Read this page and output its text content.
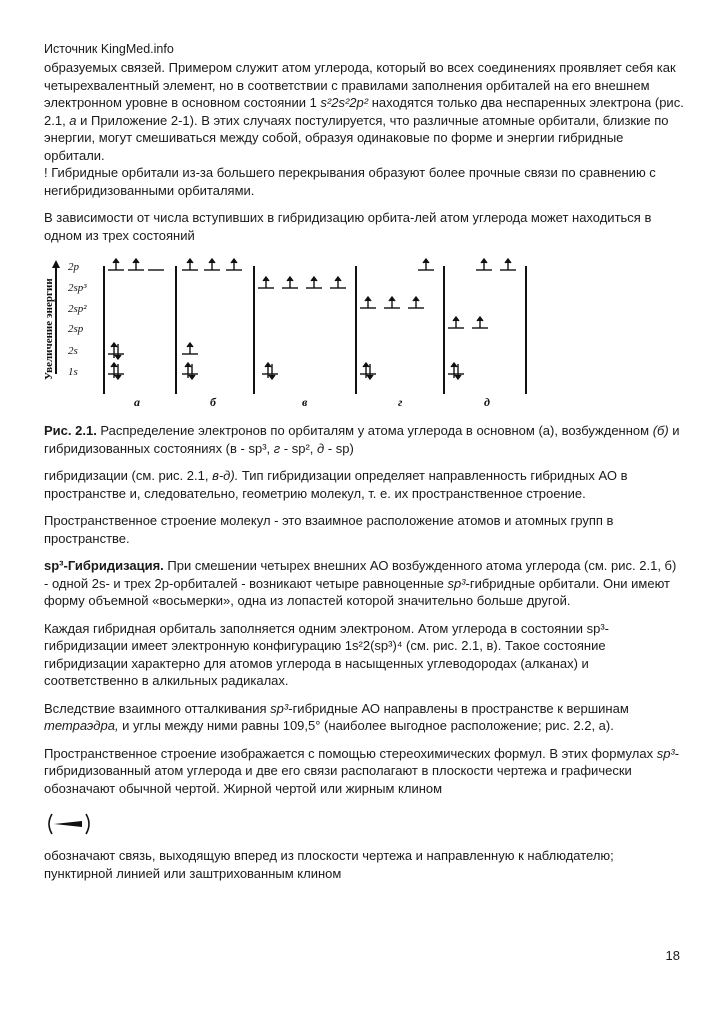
Источник KingMed.info

образуемых связей. Примером служит атом углерода, который во всех соединениях проявляет себя как четырехвалентный элемент, но в соответствии с правилами заполнения орбиталей на его внешнем электронном уровне в основном состоянии 1 s²2s²2p² находятся только два неспаренных электрона (рис. 2.1, а и Приложение 2-1). В этих случаях постулируется, что различные атомные орбитали, близкие по энергии, могут смешиваться между собой, образуя одинаковые по форме и энергии гибридные орбитали.

! Гибридные орбитали из-за большего перекрывания образуют более прочные связи по сравнению с негибридизованными орбиталями.

В зависимости от числа вступивших в гибридизацию орбита-лей атом углерода может находиться в одном из трех состояний

Увеличение энергии
2p
2sp³
2sp²
2sp
2s
1s
а	б	в	г	д

Рис. 2.1. Распределение электронов по орбиталям у атома углерода в основном (а), возбужденном (б) и гибридизованных состояниях (в - sp³, г - sp², д - sp)

гибридизации (см. рис. 2.1, в-д). Тип гибридизации определяет направленность гибридных АО в пространстве и, следовательно, геометрию молекул, т. е. их пространственное строение.

Пространственное строение молекул - это взаимное расположение атомов и атомных групп в пространстве.

sp³-Гибридизация. При смешении четырех внешних АО возбужденного атома углерода (см. рис. 2.1, б) - одной 2s- и трех 2p-орбиталей - возникают четыре равноценные sp³-гибридные орбитали. Они имеют форму объемной «восьмерки», одна из лопастей которой значительно больше другой.

Каждая гибридная орбиталь заполняется одним электроном. Атом углерода в состоянии sp³-гибридизации имеет электронную конфигурацию 1s²2(sp³)⁴ (см. рис. 2.1, в). Такое состояние гибридизации характерно для атомов углерода в насыщенных углеводородах (алканах) и соответственно в алкильных радикалах.

Вследствие взаимного отталкивания sp³-гибридные АО направлены в пространстве к вершинам тетраэдра, и углы между ними равны 109,5° (наиболее выгодное расположение; рис. 2.2, а).

Пространственное строение изображается с помощью стереохимических формул. В этих формулах sp³-гибридизованный атом углерода и две его связи располагают в плоскости чертежа и графически обозначают обычной чертой. Жирной чертой или жирным клином

обозначают связь, выходящую вперед из плоскости чертежа и направленную к наблюдателю; пунктирной линией или заштрихованным клином

18
